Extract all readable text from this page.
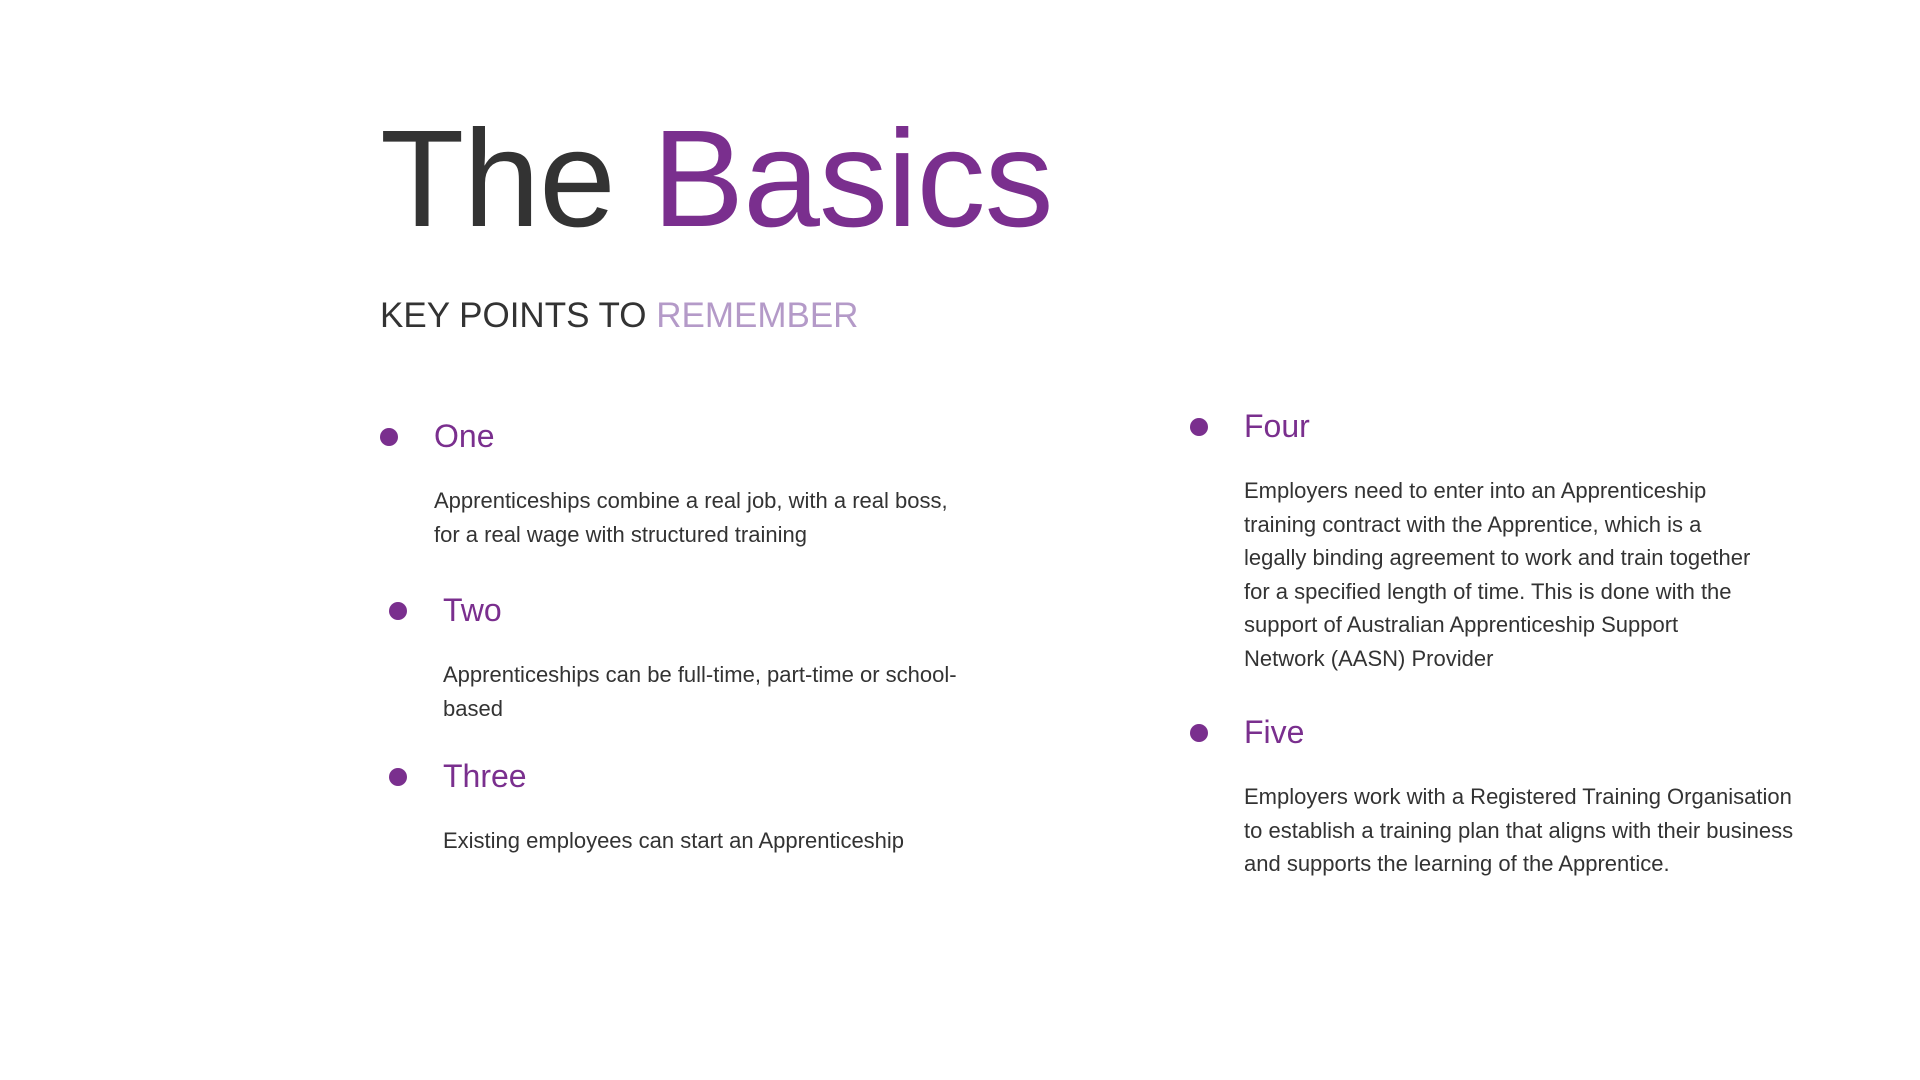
The Basics
KEY POINTS TO REMEMBER
One

Apprenticeships combine a real job, with a real boss,
for a real wage with structured training

Two

Apprenticeships can be full-time, part-time or school-
based

Three

Existing employees can start an Apprenticeship

Four

Employers need to enter into an Apprenticeship
training contract with the Apprentice, which is a
legally binding agreement to work and train together
for a specified length of time. This is done with the
support of Australian Apprenticeship Support
Network (AASN) Provider

Five

Employers work with a Registered Training Organisation
to establish a training plan that aligns with their business
and supports the learning of the Apprentice.
